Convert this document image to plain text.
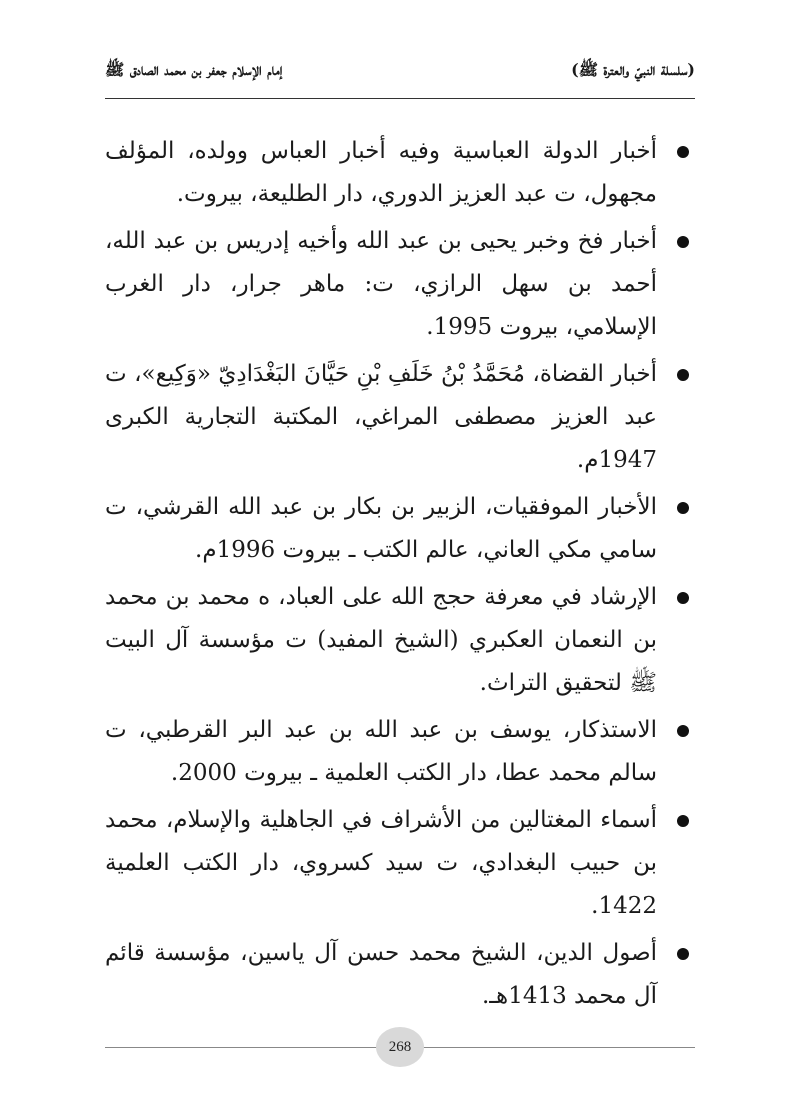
(سلسلة النبيّ والعترة ﷺ)
إمام الإسلام جعفر بن محمد الصادق ﷺ
أخبار الدولة العباسية وفيه أخبار العباس وولده، المؤلف مجهول، ت عبد العزيز الدوري، دار الطليعة، بيروت.
أخبار فخ وخبر يحيى بن عبد الله وأخيه إدريس بن عبد الله، أحمد بن سهل الرازي، ت: ماهر جرار، دار الغرب الإسلامي، بيروت 1995.
أخبار القضاة، مُحَمَّدُ بْنُ خَلَفِ بْنِ حَيَّانَ البَغْدَادِيّ «وَكِيع»، ت عبد العزيز مصطفى المراغي، المكتبة التجارية الكبرى 1947م.
الأخبار الموفقيات، الزبير بن بكار بن عبد الله القرشي، ت سامي مكي العاني، عالم الكتب ـ بيروت 1996م.
الإرشاد في معرفة حجج الله على العباد، ه محمد بن محمد بن النعمان العكبري (الشيخ المفيد) ت مؤسسة آل البيت ﷺ لتحقيق التراث.
الاستذكار، يوسف بن عبد الله بن عبد البر القرطبي، ت سالم محمد عطا، دار الكتب العلمية ـ بيروت 2000.
أسماء المغتالين من الأشراف في الجاهلية والإسلام، محمد بن حبيب البغدادي، ت سيد كسروي، دار الكتب العلمية 1422.
أصول الدين، الشيخ محمد حسن آل ياسين، مؤسسة قائم آل محمد 1413هـ.
268
